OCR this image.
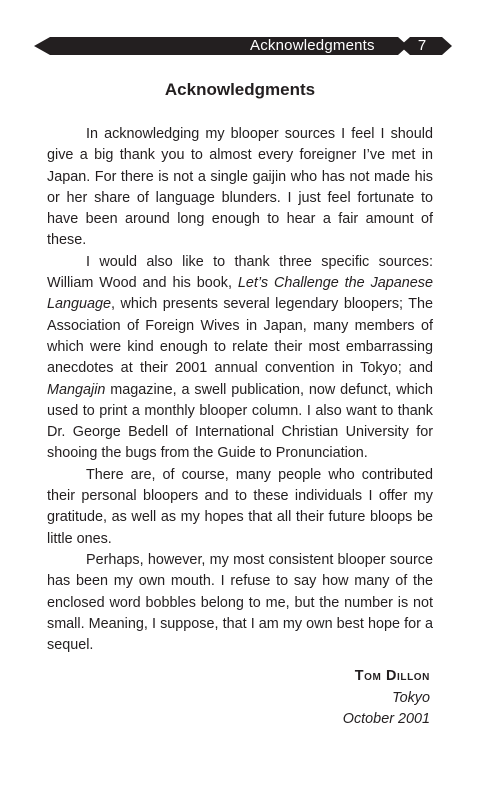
Acknowledgments	7
Acknowledgments

In acknowledging my blooper sources I feel I should give a big thank you to almost every foreigner I’ve met in Japan. For there is not a single gaijin who has not made his or her share of language blunders. I just feel fortunate to have been around long enough to hear a fair amount of these.

I would also like to thank three specific sources: William Wood and his book, Let’s Challenge the Japanese Language, which presents several legendary bloopers; The Association of Foreign Wives in Japan, many members of which were kind enough to relate their most embarrassing anecdotes at their 2001 annual convention in Tokyo; and Mangajin magazine, a swell publication, now defunct, which used to print a monthly blooper column. I also want to thank Dr. George Bedell of International Christian University for shooing the bugs from the Guide to Pronunciation.

There are, of course, many people who contributed their personal bloopers and to these individuals I offer my gratitude, as well as my hopes that all their future bloops be little ones.

Perhaps, however, my most consistent blooper source has been my own mouth. I refuse to say how many of the enclosed word bobbles belong to me, but the number is not small. Meaning, I suppose, that I am my own best hope for a sequel.

Tom Dillon
Tokyo
October 2001
